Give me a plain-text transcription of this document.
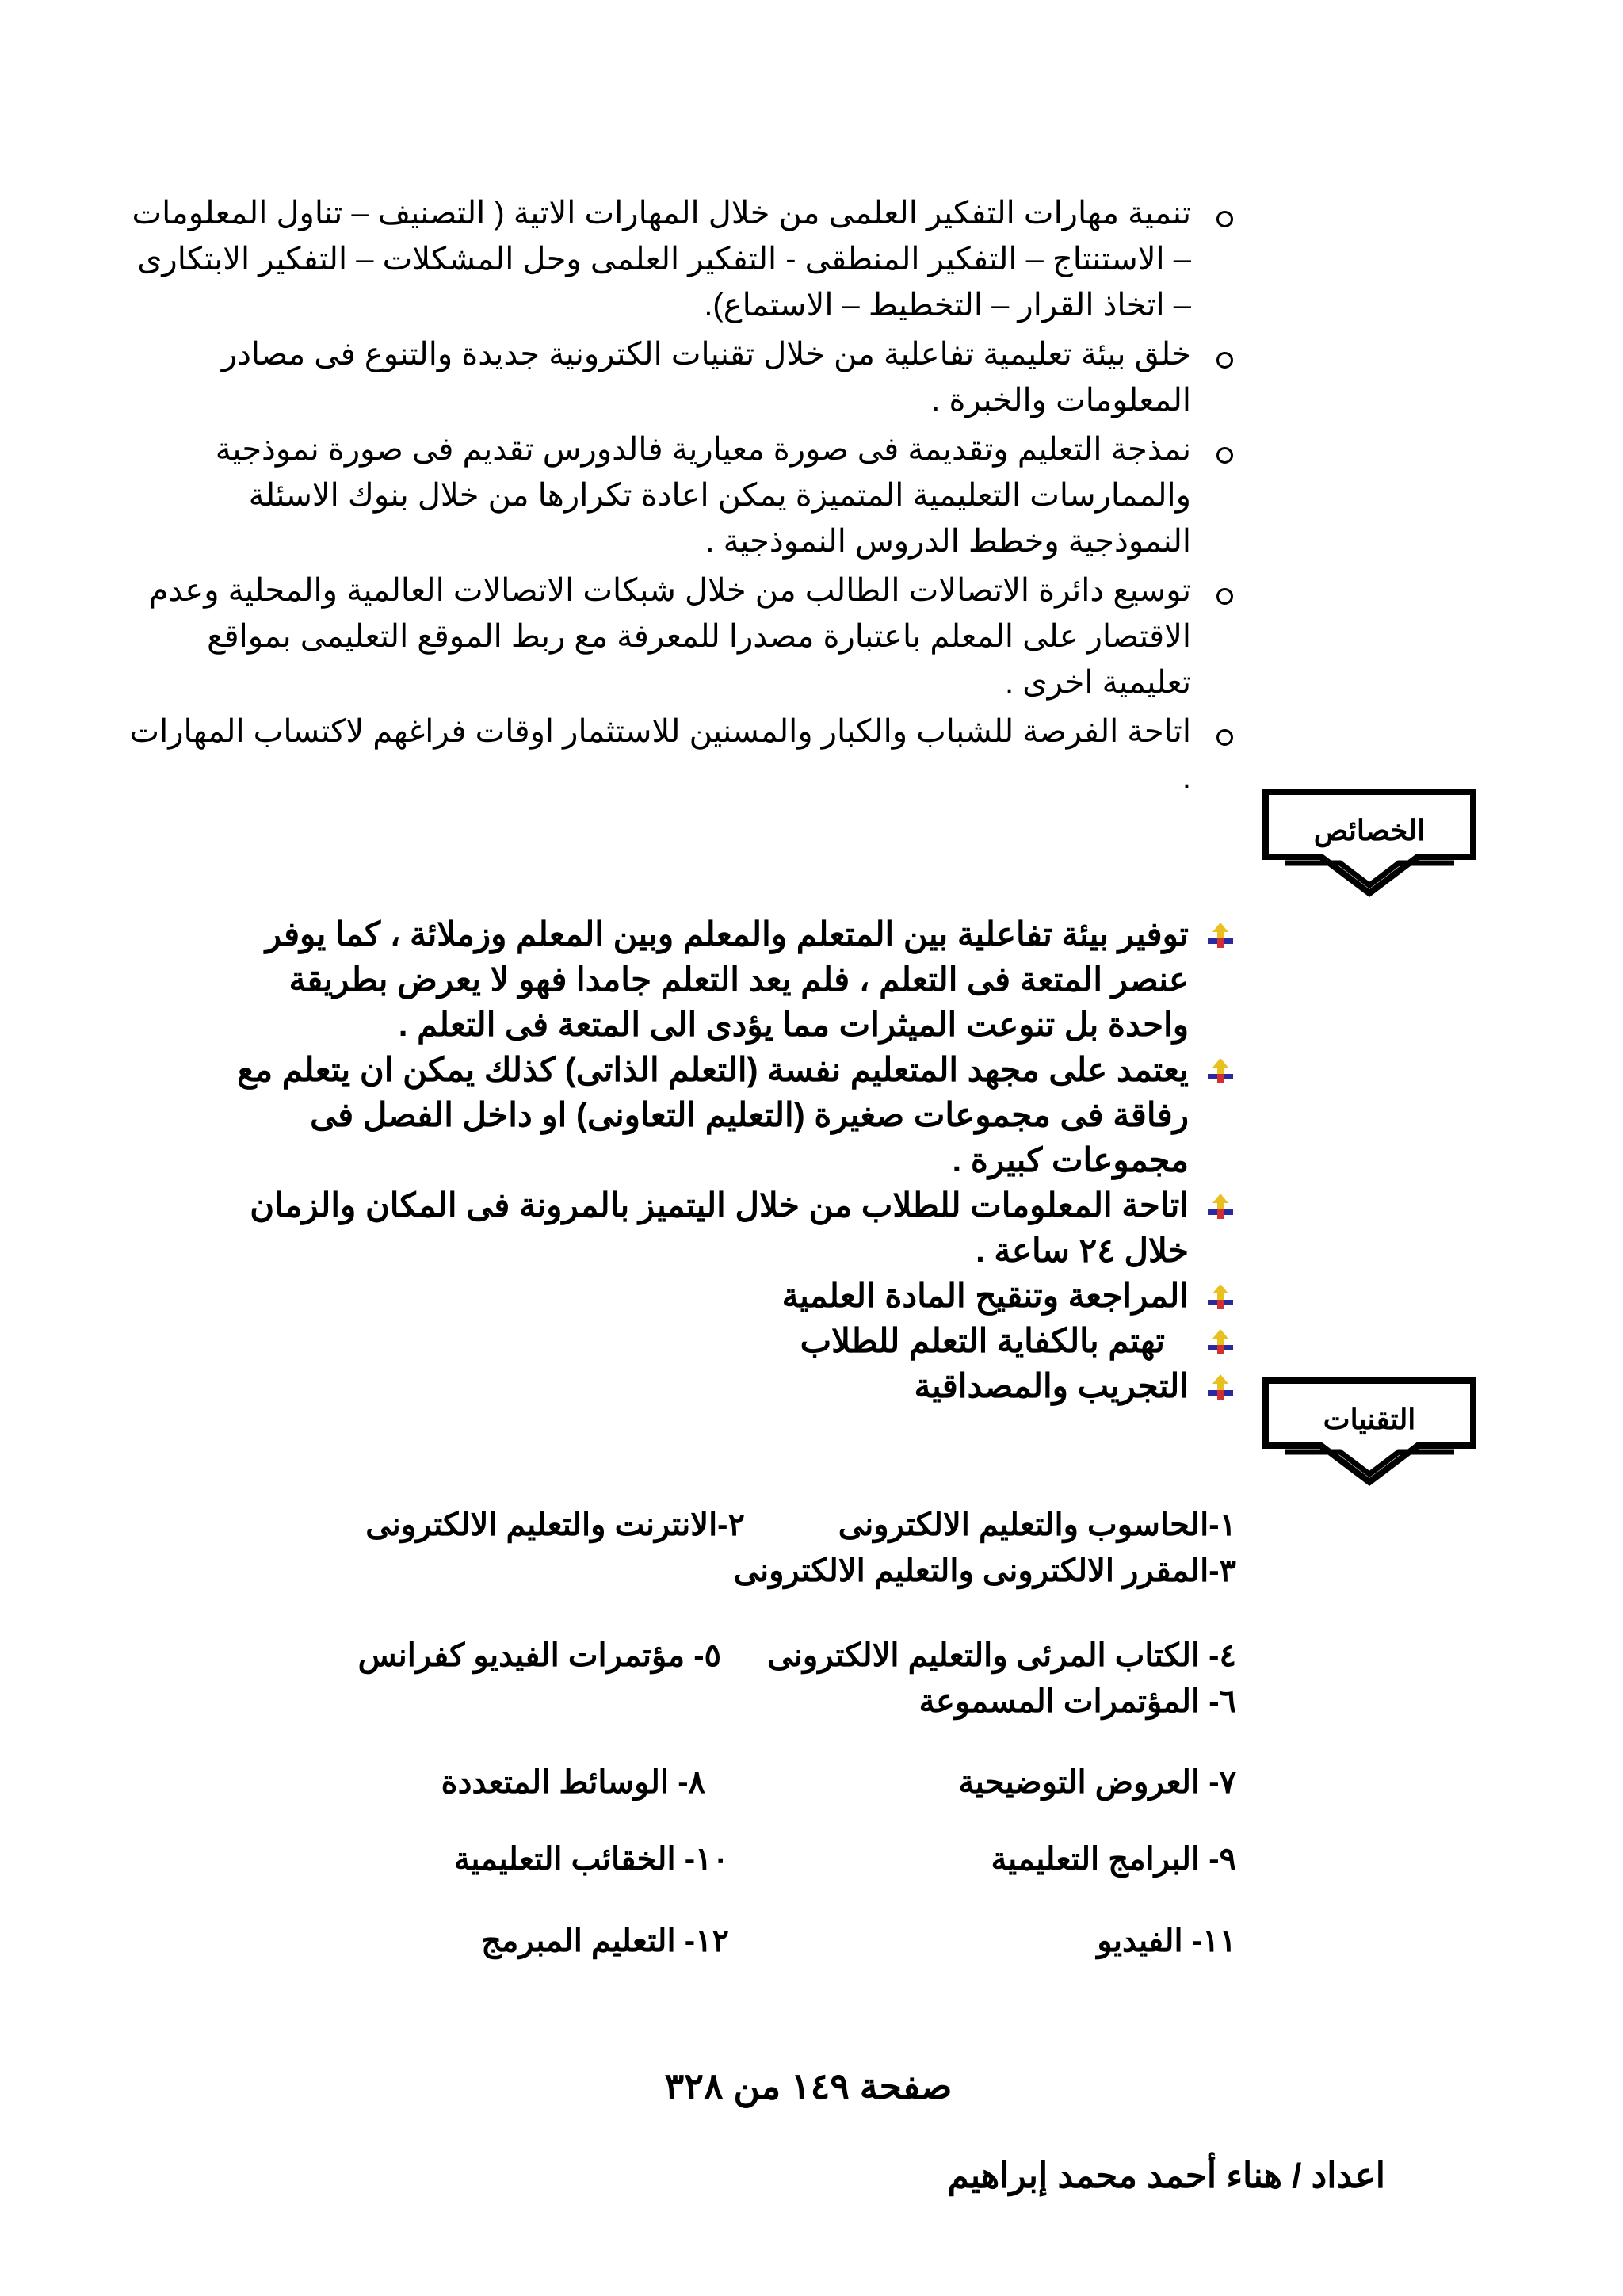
تنمية مهارات التفكير العلمى من خلال المهارات الاتية ( التصنيف – تناول المعلومات – الاستنتاج – التفكير المنطقى - التفكير العلمى وحل المشكلات – التفكير الابتكارى – اتخاذ القرار – التخطيط – الاستماع).
خلق بيئة تعليمية تفاعلية من خلال تقنيات الكترونية جديدة والتنوع فى مصادر المعلومات والخبرة .
نمذجة التعليم وتقديمة فى صورة معيارية فالدورس تقديم فى صورة نموذجية والممارسات التعليمية المتميزة يمكن اعادة تكرارها من خلال بنوك الاسئلة النموذجية وخطط الدروس النموذجية .
توسيع دائرة الاتصالات الطالب من خلال شبكات الاتصالات العالمية والمحلية وعدم الاقتصار على المعلم باعتبارة مصدرا للمعرفة مع ربط الموقع التعليمى بمواقع تعليمية اخرى .
اتاحة الفرصة للشباب والكبار والمسنين للاستثمار اوقات فراغهم لاكتساب المهارات .
الخصائص
توفير بيئة تفاعلية بين المتعلم والمعلم وبين المعلم وزملائة ، كما يوفر عنصر المتعة فى التعلم ، فلم يعد التعلم جامدا فهو لا يعرض بطريقة واحدة بل تنوعت الميثرات مما يؤدى الى المتعة فى التعلم .
يعتمد على مجهد المتعليم نفسة (التعلم الذاتى) كذلك يمكن ان يتعلم مع رفاقة فى مجموعات صغيرة (التعليم التعاونى) او داخل الفصل فى مجموعات كبيرة .
اتاحة المعلومات للطلاب من خلال اليتميز بالمرونة فى المكان والزمان خلال ٢٤ ساعة .
المراجعة وتنقيح المادة العلمية
تهتم بالكفاية التعلم للطلاب
التجريب والمصداقية
التقنيات
١-الحاسوب والتعليم الالكترونى
٢-الانترنت والتعليم الالكترونى
٣-المقرر الالكترونى والتعليم الالكترونى
٤- الكتاب المرئى والتعليم الالكترونى
٥- مؤتمرات الفيديو كفرانس
٦- المؤتمرات المسموعة
٧- العروض التوضيحية
٨- الوسائط المتعددة
٩- البرامج التعليمية
١٠- الخقائب التعليمية
١١- الفيديو
١٢- التعليم المبرمج
صفحة ١٤٩ من ٣٢٨
اعداد / هناء أحمد محمد إبراهيم
